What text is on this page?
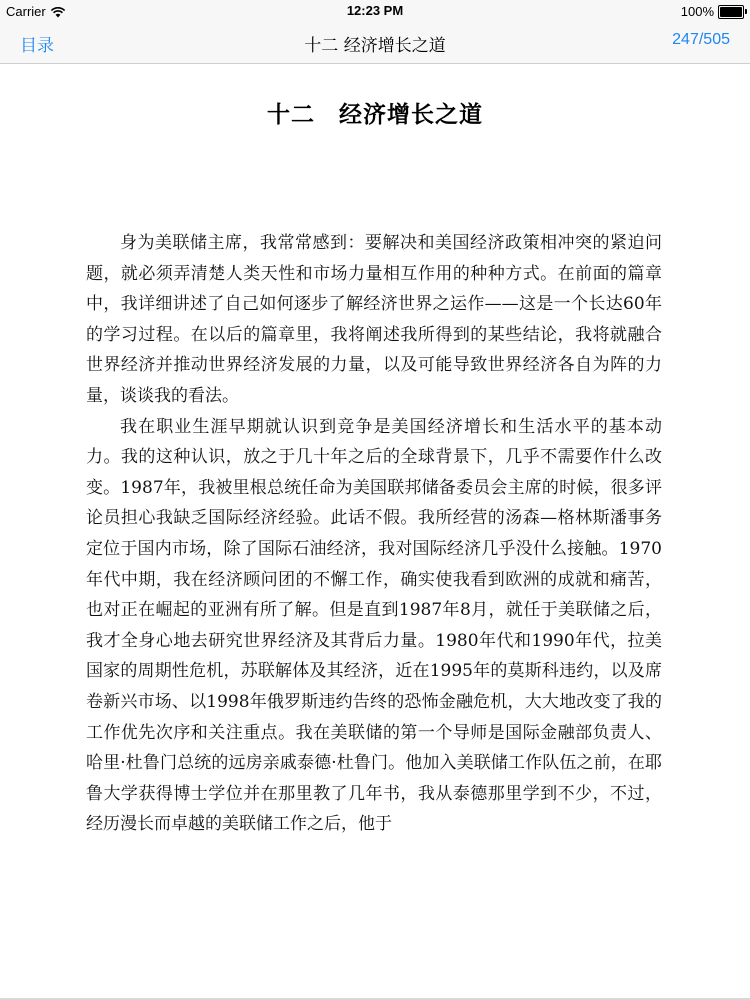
Carrier	12:23 PM	100%
目录	十二 经济增长之道	247/505
十二　经济增长之道

身为美联储主席，我常常感到：要解决和美国经济政策相冲突的紧迫问题，就必须弄清楚人类天性和市场力量相互作用的种种方式。在前面的篇章中，我详细讲述了自己如何逐步了解经济世界之运作——这是一个长达60年的学习过程。在以后的篇章里，我将阐述我所得到的某些结论，我将就融合世界经济并推动世界经济发展的力量，以及可能导致世界经济各自为阵的力量，谈谈我的看法。

我在职业生涯早期就认识到竞争是美国经济增长和生活水平的基本动力。我的这种认识，放之于几十年之后的全球背景下，几乎不需要作什么改变。1987年，我被里根总统任命为美国联邦储备委员会主席的时候，很多评论员担心我缺乏国际经济经验。此话不假。我所经营的汤森—格林斯潘事务定位于国内市场，除了国际石油经济，我对国际经济几乎没什么接触。1970年代中期，我在经济顾问团的不懈工作，确实使我看到欧洲的成就和痛苦，也对正在崛起的亚洲有所了解。但是直到1987年8月，就任于美联储之后，我才全身心地去研究世界经济及其背后力量。1980年代和1990年代，拉美国家的周期性危机，苏联解体及其经济，近在1995年的莫斯科违约，以及席卷新兴市场、以1998年俄罗斯违约告终的恐怖金融危机，大大地改变了我的工作优先次序和关注重点。我在美联储的第一个导师是国际金融部负责人、哈里·杜鲁门总统的远房亲戚泰德·杜鲁门。他加入美联储工作队伍之前，在耶鲁大学获得博士学位并在那里教了几年书，我从泰德那里学到不少，不过，经历漫长而卓越的美联储工作之后，他于
